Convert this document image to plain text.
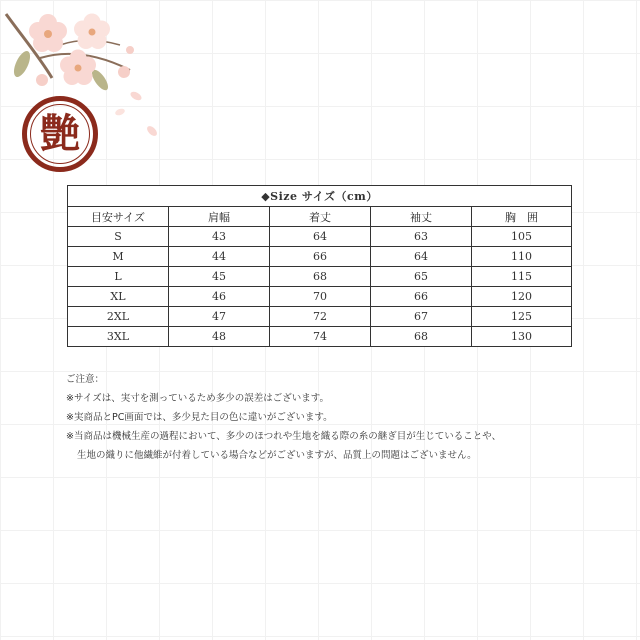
艶
◆Size サイズ（cm）				
目安サイズ	肩幅	着丈	袖丈	胸　囲
S	43	64	63	105
M	44	66	64	110
L	45	68	65	115
XL	46	70	66	120
2XL	47	72	67	125
3XL	48	74	68	130
ご注意：
※サイズは、実寸を測っているため多少の誤差はございます。
※実商品とPC画面では、多少見た目の色に違いがございます。
※当商品は機械生産の過程において、多少のほつれや生地を織る際の糸の継ぎ目が生じていることや、
生地の織りに他繊維が付着している場合などがございますが、品質上の問題はございません。
